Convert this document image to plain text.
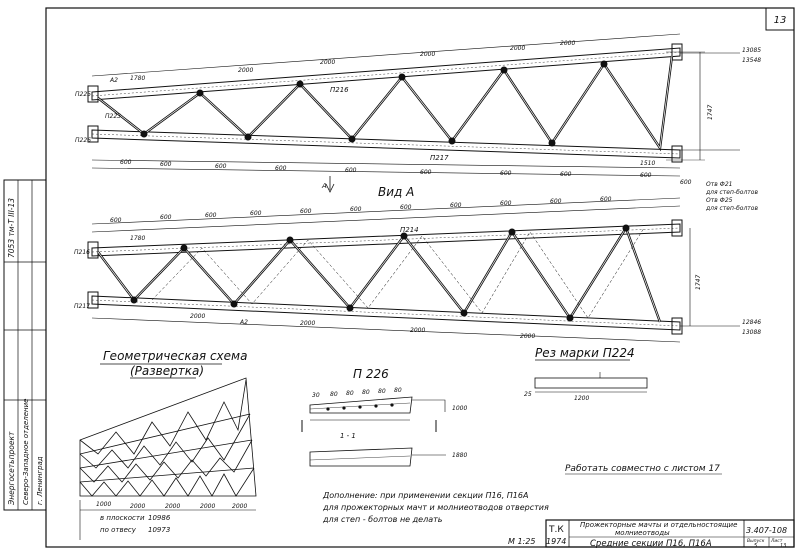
13
Энергосетьпроект Северо-Западное отделение г. Ленинград
7053 тм-Т III-13
1780
2000
2000
2000
2000
2000
600	600	600	600	600	600	600	600	600
1747
1510
600
П216
П217
П225
П226
П223
А2
13085
13548
Отв Ф21
для степ-болтов
Отв Ф25
для степ-болтов
А	Вид А
600
1780
600	600	600	600	600	600	600	600	600	600
2000
2000
2000
2000
1747
П214
П216
П217
А2	12846
13088
Геометрическая схема
(Развертка)
1000	2000	2000	2000	2000
в плоскости 10986
по отвесу 10973
П 226
30 80 80 80 80 80
1000
1880
1 - 1
Рез марки П224
1200
25
Работать совместно с листом 17
Дополнение: при применении секции П16, П16А
для прожекторных мачт и молниеотводов отверстия
для степ - болтов не делать
М 1:25 1974
Т.К Прожекторные мачты и отдельностоящие
молниеотводы
Средние секции П16, П16А
3.407-108
Выпуск
5
Лист
13
